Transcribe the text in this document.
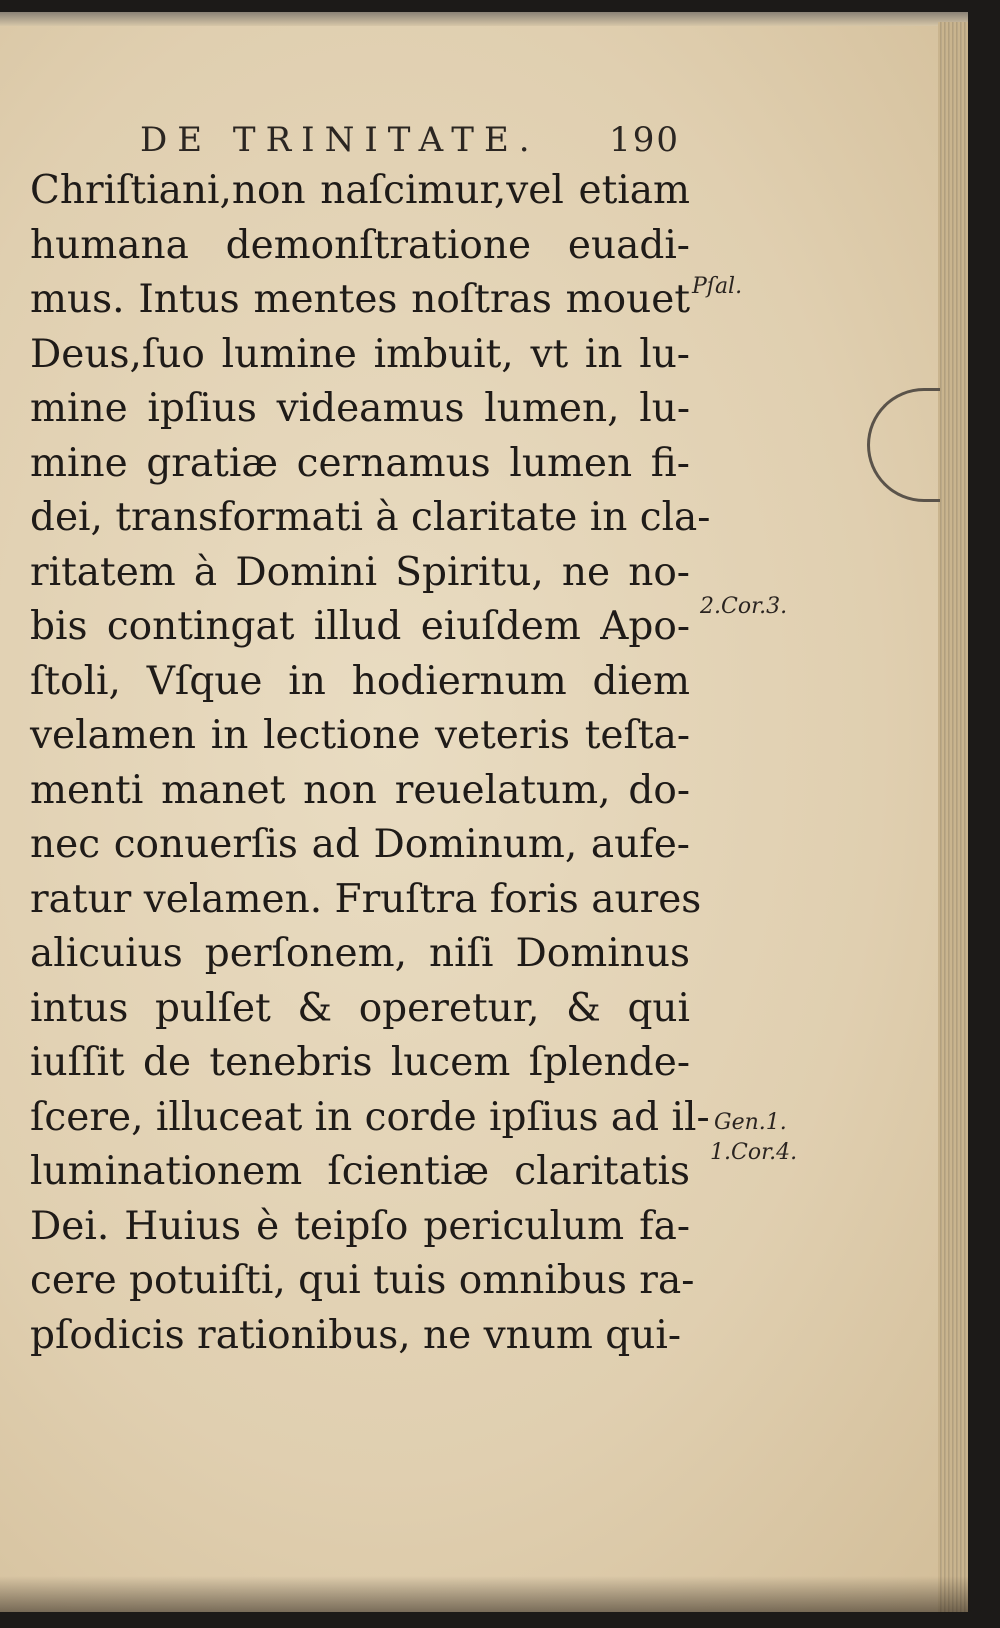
DE TRINITATE. 190
Chriſtiani,non naſcimur,vel etiam
humana demonſtratione euadi-
mus. Intus mentes noſtras mouet
Deus,ſuo lumine imbuit, vt in lu-
mine ipſius videamus lumen, lu-
mine gratiæ cernamus lumen fi-
dei, transformati à claritate in cla-
ritatem à Domini Spiritu, ne no-
bis contingat illud eiuſdem Apo-
ſtoli, Vſque in hodiernum diem
velamen in lectione veteris teſta-
menti manet non reuelatum, do-
nec conuerſis ad Dominum, aufe-
ratur velamen. Fruſtra foris aures
alicuius perſonem, niſi Dominus
intus pulſet & operetur, & qui
iuſſit de tenebris lucem ſplende-
ſcere, illuceat in corde ipſius ad il-
luminationem ſcientiæ claritatis
Dei. Huius è teipſo periculum fa-
cere potuiſti, qui tuis omnibus ra-
pſodicis rationibus, ne vnum qui-
Pſal.
2.Cor.3.
Gen.1.
1.Cor.4.
